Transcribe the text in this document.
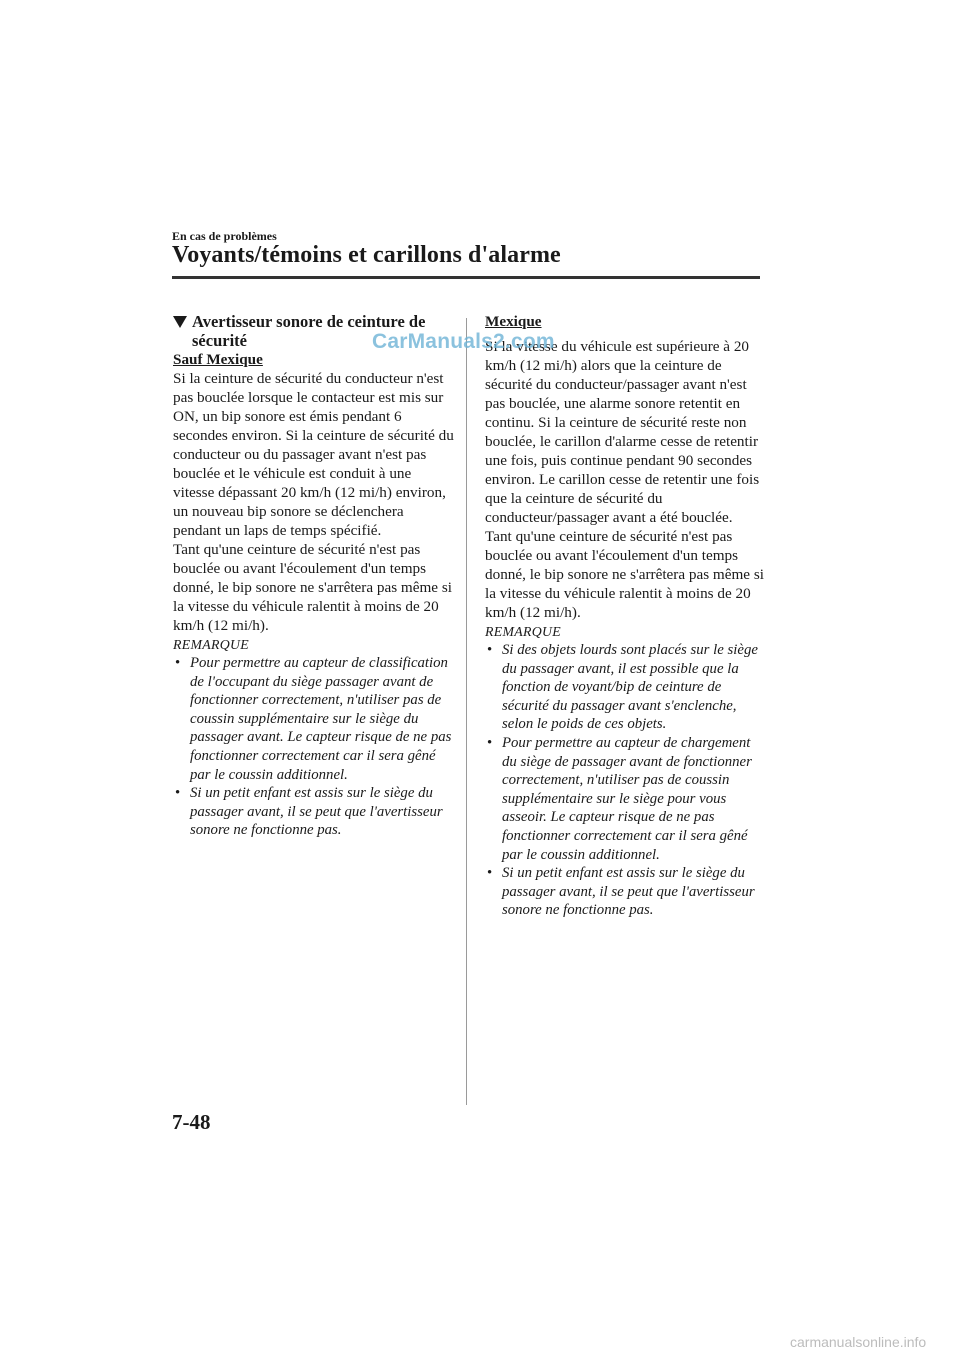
En cas de problèmes
Voyants/témoins et carillons d'alarme
Avertisseur sonore de ceinture de sécurité

Sauf Mexique

Si la ceinture de sécurité du conducteur n'est pas bouclée lorsque le contacteur est mis sur ON, un bip sonore est émis pendant 6 secondes environ. Si la ceinture de sécurité du conducteur ou du passager avant n'est pas bouclée et le véhicule est conduit à une vitesse dépassant 20 km/h (12 mi/h) environ, un nouveau bip sonore se déclenchera pendant un laps de temps spécifié.

Tant qu'une ceinture de sécurité n'est pas bouclée ou avant l'écoulement d'un temps donné, le bip sonore ne s'arrêtera pas même si la vitesse du véhicule ralentit à moins de 20 km/h (12 mi/h).

REMARQUE

• Pour permettre au capteur de classification de l'occupant du siège passager avant de fonctionner correctement, n'utiliser pas de coussin supplémentaire sur le siège du passager avant. Le capteur risque de ne pas fonctionner correctement car il sera gêné par le coussin additionnel.
• Si un petit enfant est assis sur le siège du passager avant, il se peut que l'avertisseur sonore ne fonctionne pas.

Mexique

Si la vitesse du véhicule est supérieure à 20 km/h (12 mi/h) alors que la ceinture de sécurité du conducteur/passager avant n'est pas bouclée, une alarme sonore retentit en continu. Si la ceinture de sécurité reste non bouclée, le carillon d'alarme cesse de retentir une fois, puis continue pendant 90 secondes environ. Le carillon cesse de retentir une fois que la ceinture de sécurité du conducteur/passager avant a été bouclée.

Tant qu'une ceinture de sécurité n'est pas bouclée ou avant l'écoulement d'un temps donné, le bip sonore ne s'arrêtera pas même si la vitesse du véhicule ralentit à moins de 20 km/h (12 mi/h).

REMARQUE

• Si des objets lourds sont placés sur le siège du passager avant, il est possible que la fonction de voyant/bip de ceinture de sécurité du passager avant s'enclenche, selon le poids de ces objets.
• Pour permettre au capteur de chargement du siège de passager avant de fonctionner correctement, n'utiliser pas de coussin supplémentaire sur le siège pour vous asseoir. Le capteur risque de ne pas fonctionner correctement car il sera gêné par le coussin additionnel.
• Si un petit enfant est assis sur le siège du passager avant, il se peut que l'avertisseur sonore ne fonctionne pas.
CarManuals2.com
7-48
carmanualsonline.info
